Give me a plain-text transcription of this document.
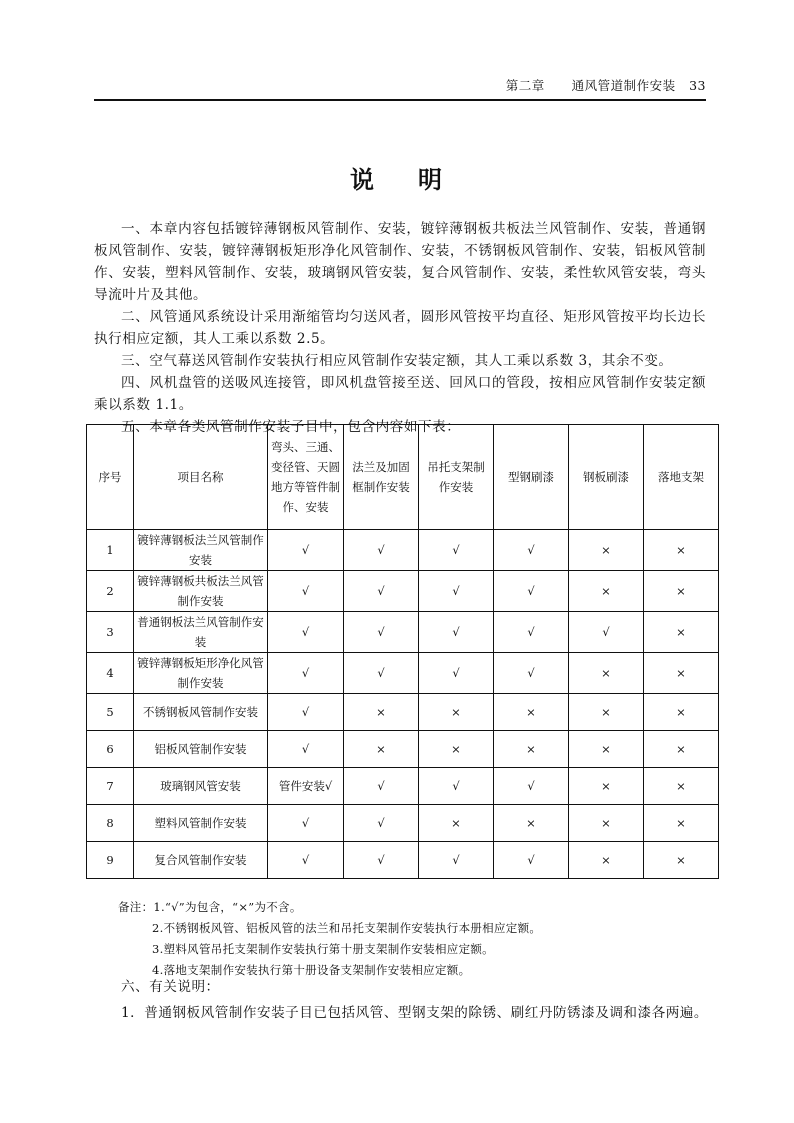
第二章 通风管道制作安装 33
说 明
一、本章内容包括镀锌薄钢板风管制作、安装，镀锌薄钢板共板法兰风管制作、安装，普通钢板风管制作、安装，镀锌薄钢板矩形净化风管制作、安装，不锈钢板风管制作、安装，铝板风管制作、安装，塑料风管制作、安装，玻璃钢风管安装，复合风管制作、安装，柔性软风管安装，弯头导流叶片及其他。
二、风管通风系统设计采用渐缩管均匀送风者，圆形风管按平均直径、矩形风管按平均长边长执行相应定额，其人工乘以系数 2.5。
三、空气幕送风管制作安装执行相应风管制作安装定额，其人工乘以系数 3，其余不变。
四、风机盘管的送吸风连接管，即风机盘管接至送、回风口的管段，按相应风管制作安装定额乘以系数 1.1。
五、本章各类风管制作安装子目中，包含内容如下表：
序号	项目名称	弯头、三通、变径管、天圆地方等管件制作、安装	法兰及加固框制作安装	吊托支架制作安装	型钢刷漆	钢板刷漆	落地支架
1	镀锌薄钢板法兰风管制作安装	√	√	√	√	×	×
2	镀锌薄钢板共板法兰风管制作安装	√	√	√	√	×	×
3	普通钢板法兰风管制作安装	√	√	√	√	√	×
4	镀锌薄钢板矩形净化风管制作安装	√	√	√	√	×	×
5	不锈钢板风管制作安装	√	×	×	×	×	×
6	铝板风管制作安装	√	×	×	×	×	×
7	玻璃钢风管安装	管件安装√	√	√	√	×	×
8	塑料风管制作安装	√	√	×	×	×	×
9	复合风管制作安装	√	√	√	√	×	×
备注：1.“√”为包含，“×”为不含。
2.不锈钢板风管、铝板风管的法兰和吊托支架制作安装执行本册相应定额。
3.塑料风管吊托支架制作安装执行第十册支架制作安装相应定额。
4.落地支架制作安装执行第十册设备支架制作安装相应定额。
六、有关说明：
1．普通钢板风管制作安装子目已包括风管、型钢支架的除锈、刷红丹防锈漆及调和漆各两遍。
